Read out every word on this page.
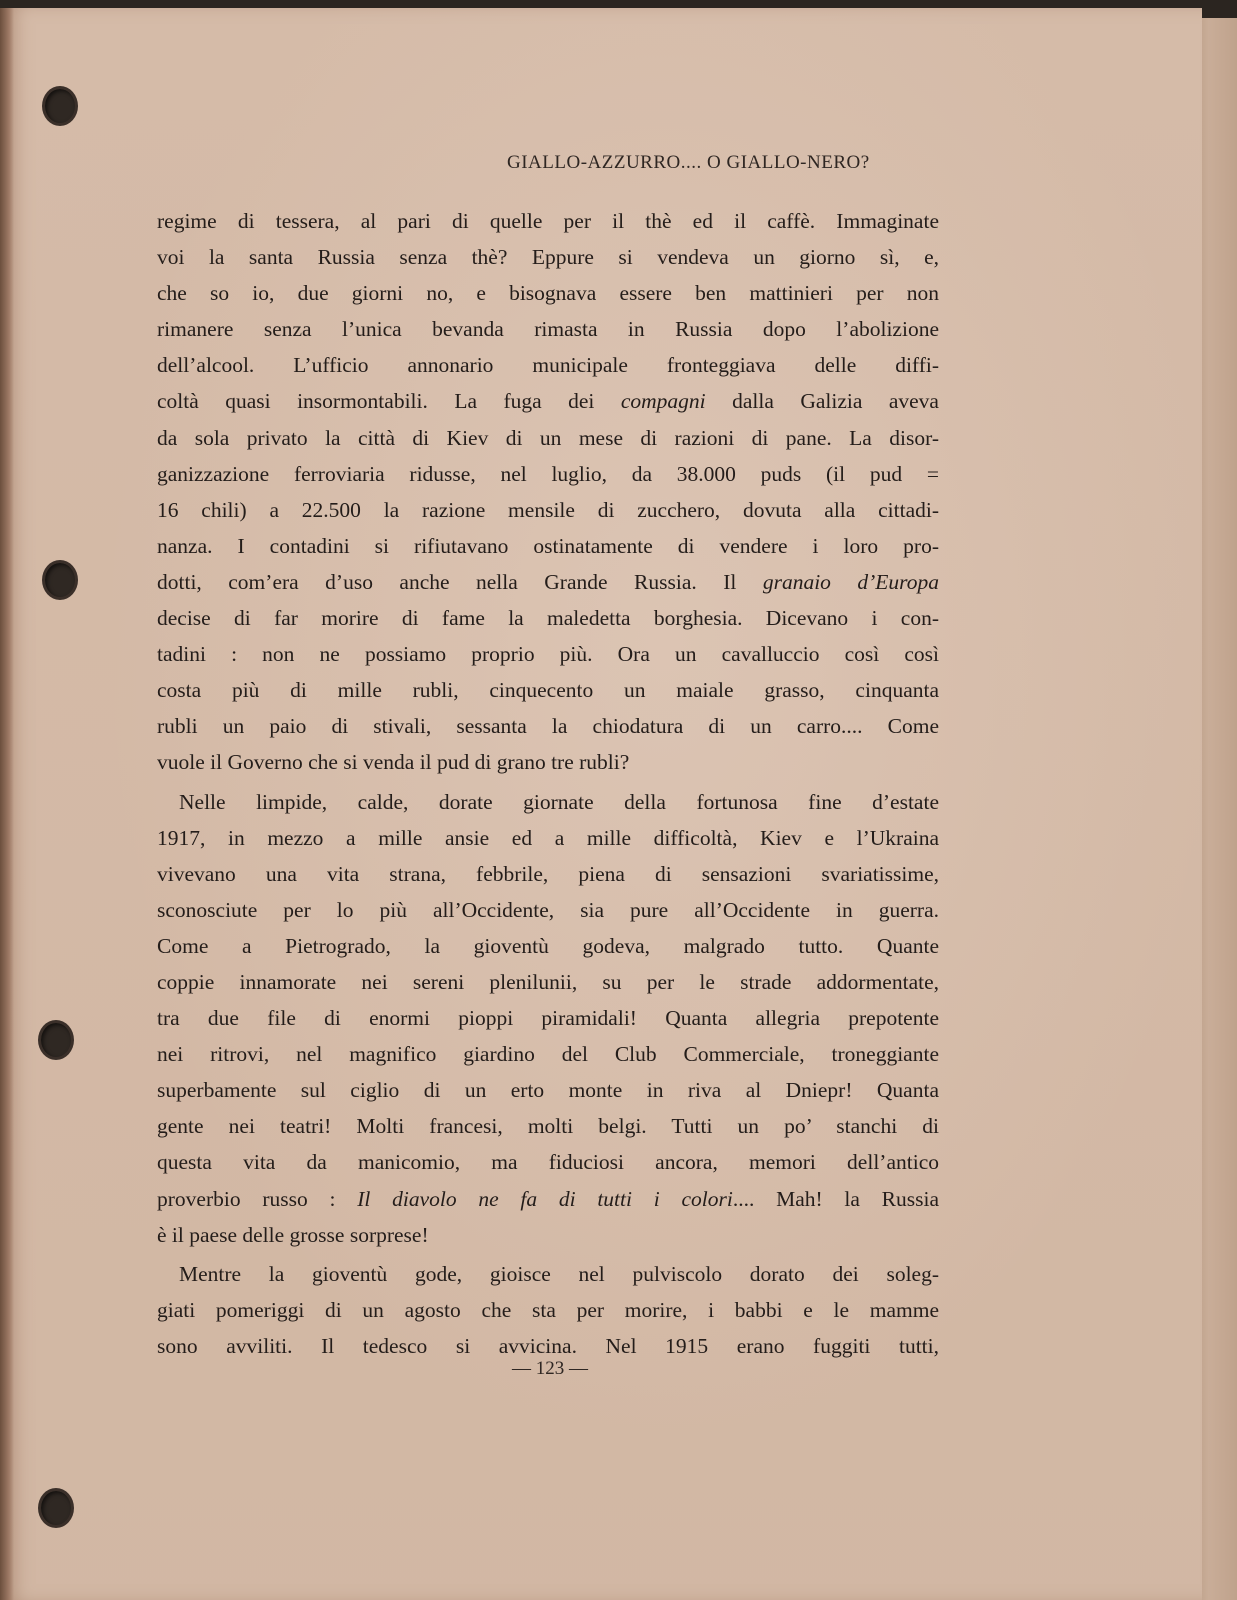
GIALLO-AZZURRO.... O GIALLO-NERO?
regime di tessera, al pari di quelle per il thè ed il caffè. Immaginate
voi la santa Russia senza thè? Eppure si vendeva un giorno sì, e,
che so io, due giorni no, e bisognava essere ben mattinieri per non
rimanere senza l’unica bevanda rimasta in Russia dopo l’abolizione
dell’alcool. L’ufficio annonario municipale fronteggiava delle diffi-
coltà quasi insormontabili. La fuga dei compagni dalla Galizia aveva
da sola privato la città di Kiev di un mese di razioni di pane. La disor-
ganizzazione ferroviaria ridusse, nel luglio, da 38.000 puds (il pud =
16 chili) a 22.500 la razione mensile di zucchero, dovuta alla cittadi-
nanza. I contadini si rifiutavano ostinatamente di vendere i loro pro-
dotti, com’era d’uso anche nella Grande Russia. Il granaio d’Europa
decise di far morire di fame la maledetta borghesia. Dicevano i con-
tadini : non ne possiamo proprio più. Ora un cavalluccio così così
costa più di mille rubli, cinquecento un maiale grasso, cinquanta
rubli un paio di stivali, sessanta la chiodatura di un carro.... Come
vuole il Governo che si venda il pud di grano tre rubli?
Nelle limpide, calde, dorate giornate della fortunosa fine d’estate
1917, in mezzo a mille ansie ed a mille difficoltà, Kiev e l’Ukraina
vivevano una vita strana, febbrile, piena di sensazioni svariatissime,
sconosciute per lo più all’Occidente, sia pure all’Occidente in guerra.
Come a Pietrogrado, la gioventù godeva, malgrado tutto. Quante
coppie innamorate nei sereni plenilunii, su per le strade addormentate,
tra due file di enormi pioppi piramidali! Quanta allegria prepotente
nei ritrovi, nel magnifico giardino del Club Commerciale, troneggiante
superbamente sul ciglio di un erto monte in riva al Dniepr! Quanta
gente nei teatri! Molti francesi, molti belgi. Tutti un po’ stanchi di
questa vita da manicomio, ma fiduciosi ancora, memori dell’antico
proverbio russo : Il diavolo ne fa di tutti i colori.... Mah! la Russia
è il paese delle grosse sorprese!
Mentre la gioventù gode, gioisce nel pulviscolo dorato dei soleg-
giati pomeriggi di un agosto che sta per morire, i babbi e le mamme
sono avviliti. Il tedesco si avvicina. Nel 1915 erano fuggiti tutti,
— 123 —
